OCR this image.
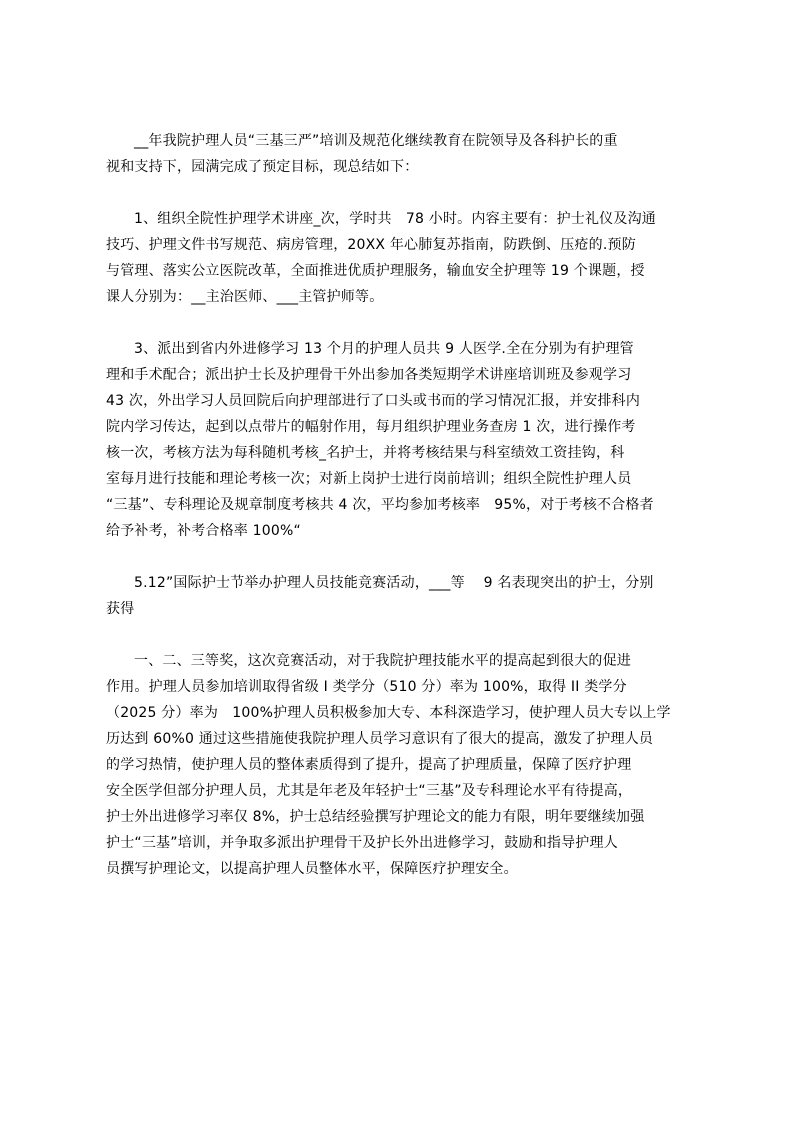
__年我院护理人员“三基三严”培训及规范化继续教育在院领导及各科护长的重
视和支持下，园满完成了预定目标，现总结如下：
1、组织全院性护理学术讲座_次，学时共　78 小时。内容主要有：护士礼仪及沟通
技巧、护理文件书写规范、病房管理，20XX 年心肺复苏指南，防跌倒、压疮的.预防
与管理、落实公立医院改革，全面推进优质护理服务，输血安全护理等 19 个课题，授
课人分别为：__主治医师、___主管护师等。
3、派出到省内外进修学习 13 个月的护理人员共 9 人医学.全在分别为有护理管
理和手术配合；派出护士长及护理骨干外出参加各类短期学术讲座培训班及参观学习
43 次，外出学习人员回院后向护理部进行了口头或书而的学习情况汇报，并安排科内
院内学习传达，起到以点带片的幅射作用，每月组织护理业务查房 1 次，进行操作考
核一次，考核方法为每科随机考核_名护士，并将考核结果与科室绩效工资挂钩，科
室每月进行技能和理论考核一次；对新上岗护士进行岗前培训；组织全院性护理人员
“三基”、专科理论及规章制度考核共 4 次，平均参加考核率　95%，对于考核不合格者
给予补考，补考合格率 100%“
5.12”国际护士节举办护理人员技能竞赛活动，___等　 9 名表现突出的护士，分别
获得
一、二、三等奖，这次竞赛活动，对于我院护理技能水平的提高起到很大的促进
作用。护理人员参加培训取得省级 I 类学分（510 分）率为 100%，取得 II 类学分
（2025 分）率为　100%护理人员积极参加大专、本科深造学习，使护理人员大专以上学
历达到 60%0 通过这些措施使我院护理人员学习意识有了很大的提高，激发了护理人员
的学习热情，使护理人员的整体素质得到了提升，提高了护理质量，保障了医疗护理
安全医学但部分护理人员，尤其是年老及年轻护士“三基”及专科理论水平有待提高，
护士外出进修学习率仅 8%，护士总结经验撰写护理论文的能力有限，明年要继续加强
护士“三基”培训，并争取多派出护理骨干及护长外出进修学习，鼓励和指导护理人
员撰写护理论文，以提高护理人员整体水平，保障医疗护理安全。
